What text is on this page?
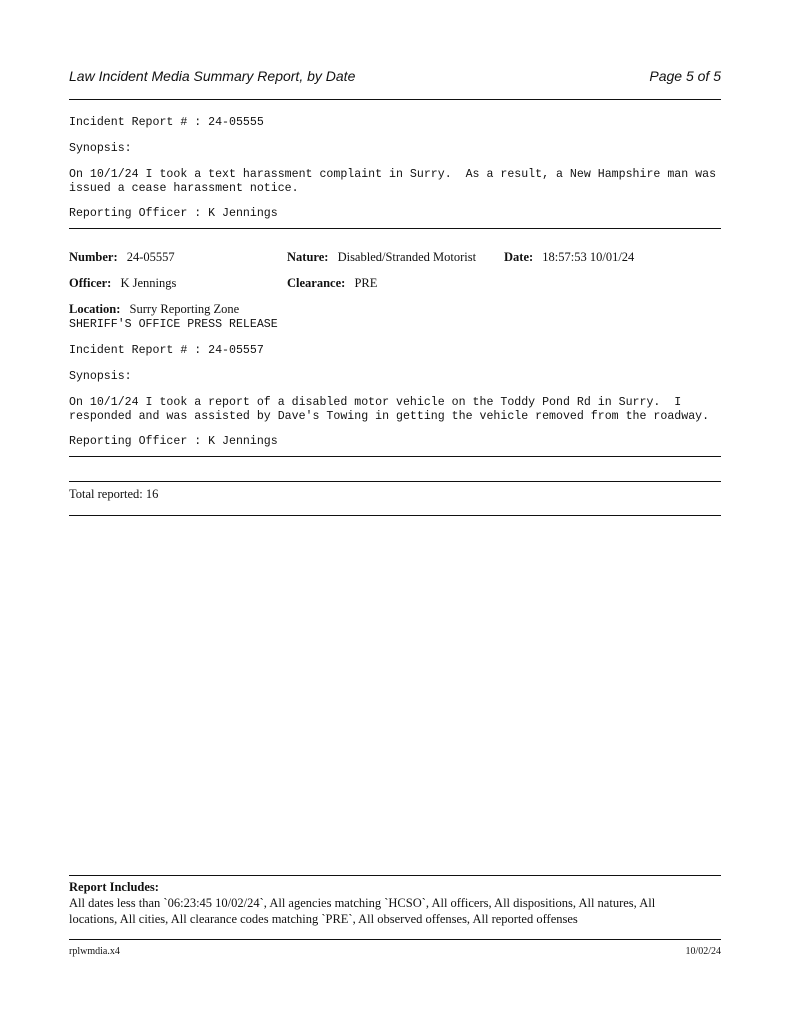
Law Incident Media Summary Report, by Date	Page 5 of 5
Incident Report # : 24-05555
Synopsis:
On 10/1/24 I took a text harassment complaint in Surry.  As a result, a New Hampshire man was
issued a cease harassment notice.
Reporting Officer : K Jennings
Number: 24-05557	Nature: Disabled/Stranded Motorist Date: 18:57:53 10/01/24
Officer: K Jennings	Clearance: PRE
Location: Surry Reporting Zone
SHERIFF'S OFFICE PRESS RELEASE
Incident Report # : 24-05557
Synopsis:
On 10/1/24 I took a report of a disabled motor vehicle on the Toddy Pond Rd in Surry.  I
responded and was assisted by Dave's Towing in getting the vehicle removed from the roadway.
Reporting Officer : K Jennings
Total reported: 16
Report Includes:
All dates less than `06:23:45 10/02/24`, All agencies matching `HCSO`, All officers, All dispositions, All natures, All
locations, All cities, All clearance codes matching `PRE`, All observed offenses, All reported offenses
rplwmdia.x4	10/02/24
